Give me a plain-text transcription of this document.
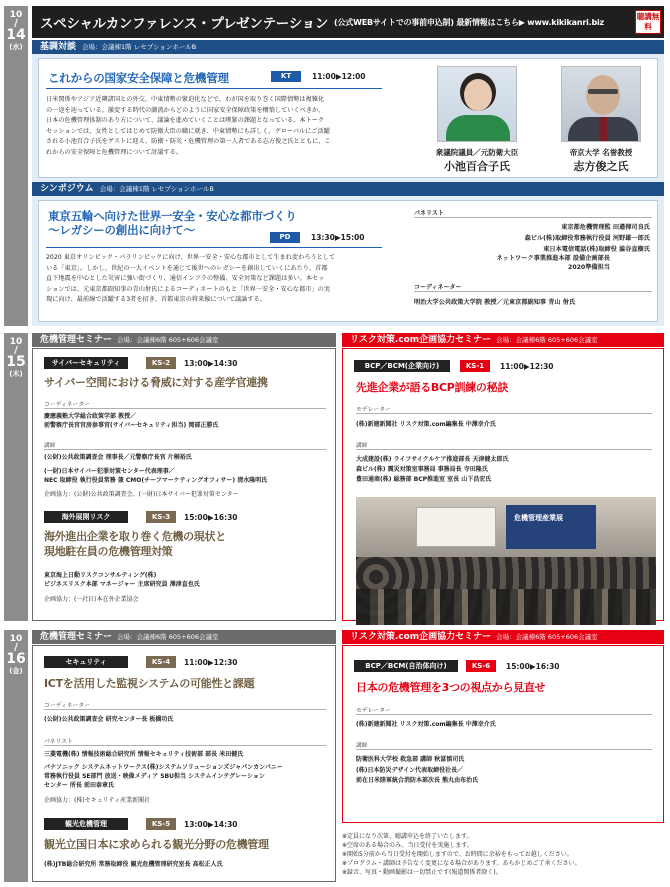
スペシャルカンファレンス・プレゼンテーション (公式WEBサイトでの事前申込制) 最新情報はこちら▶ www.kikikanri.biz
聴講無料
10
/
14
(水)
10
/
15
(木)
10
/
16
(金)
基調対談 会場：会議棟1階 レセプションホールB
これからの国家安全保障と危機管理	KT	11:00▶12:00
日米関係やアジア近隣諸国との外交、中東情勢の緊迫化などで、わが国を取り巻く国際情勢は複雑化
の一途を辿っている。激変する時代の潮流からどのように国家安全保障政策を構築していくべきか、
日本の危機管理体制のあり方について、議論を進めていくことは喫緊の課題となっている。本トーク
セッションでは、女性としてはじめて防衛大臣の職に就き、中東情勢にも詳しく、グローバルにご活躍
される小池百合子氏をゲストに迎え、防衛・防災・危機管理の第一人者である志方俊之氏とともに、こ
れからの安全保障と危機管理について討議する。	衆議院議員／元防衛大臣
小池百合子氏
帝京大学 名誉教授
志方俊之氏
シンポジウム 会場：会議棟1階 レセプションホールB
東京五輪へ向けた世界一安全・安心な都市づくり
〜レガシーの創出に向けて〜	PD	13:30▶15:00
2020 東京オリンピック・パラリンピックに向け、世界一安全・安心な都市として生まれ変わろうとして
いる「東京」。しかし、世紀の一大イベントを通じて後世へのレガシーを創出していくにあたり、首都
直下地震を中心とした災害に強い街づくり、通信インフラの整備、安全対策など課題は多い。本セッ
ションでは、元東京都副知事の青山佾氏によるコーディネートのもと「世界一安全・安心な都市」の実
現に向け、最前線で活躍する3者を招き、首都東京の将来像について議論する。
パネリスト
東京都危機管理監 田邉揮司良氏
森ビル(株)取締役常務執行役員 河野雄一郎氏
東日本電信電話(株)取締役 澁谷直樹氏
ネットワーク事業推進本部 設備企画部長
2020準備担当
コーディネーター
明治大学公共政策大学院 教授／元東京都副知事 青山 佾氏
危機管理セミナー 会場：会議棟6階 605+606会議室
サイバーセキュリティ	KS-2	13:00▶14:30
サイバー空間における脅威に対する産学官連携
コーディネーター
慶應義塾大学総合政策学部 教授／
前警察庁長官官房参事官(サイバーセキュリティ担当) 岡部正勝氏
講師
(公財)公共政策調査会 理事長／元警察庁長官 片桐裕氏
(一財)日本サイバー犯罪対策センター代表理事／
NEC 取締役 執行役員常務 兼 CMO(チーフマーケティングオフィサー) 清水隆明氏
企画協力：(公財)公共政策調査会、(一財)日本サイバー犯罪対策センター
海外展開リスク	KS-3	15:00▶16:30
海外進出企業を取り巻く危機の現状と
現地駐在員の危機管理対策
東京海上日動リスクコンサルティング(株)
ビジネスリスク本部 マネージャー 主席研究員 澤津直也氏
企画協力：(一社)日本在外企業協会
リスク対策.com企画協力セミナー 会場：会議棟6階 605+606会議室
BCP／BCM(企業向け)	KS-1	11:00▶12:30
先進企業が語るBCP訓練の秘訣
モデレーター
(株)新建新聞社 リスク対策.com編集長 中澤幸介氏
講師
大成建設(株) ライフサイクルケア推進部長 天津健太郎氏
森ビル(株) 震災対策室事務局 事務局長 寺田隆氏
豊田通商(株) 総務部 BCP推進室 室長 山下昌宏氏
危機管理産業展
危機管理セミナー 会場：会議棟6階 605+606会議室
セキュリティ	KS-4	11:00▶12:30
ICTを活用した監視システムの可能性と課題
コーディネーター
(公財)公共政策調査会 研究センター長 板橋功氏
パネリスト
三菱電機(株) 情報技術総合研究所 情報セキュリティ技術部 部長 米田健氏
パナソニック システムネットワークス(株)システムソリューションズジャパンカンパニー
常務執行役員 SE部門 放送・映像メディア SBU担当 システムインテグレーション
センター 所長 前田泰章氏
企画協力：(株)セキュリティ産業新聞社
観光危機管理	KS-5	13:00▶14:30
観光立国日本に求められる観光分野の危機管理
(株)JTB総合研究所 常務取締役 観光危機管理研究室長 高松正人氏
リスク対策.com企画協力セミナー 会場：会議棟6階 605+606会議室
BCP／BCM(自治体向け)	KS-6	15:00▶16:30
日本の危機管理を3つの視点から見直せ
モデレーター
(株)新建新聞社 リスク対策.com編集長 中澤幸介氏
講師
防衛医科大学校 救急部 講師 秋冨慎司氏
(株)日本防災デザイン代表取締役社長／
前在日米陸軍統合消防本部次長 熊丸由布治氏
※定員になり次第、聴講申込を終了いたします。
※空席のある場合のみ、当日受付を実施します。
※開始5分前から当日受付を開始しますので、お時間に余裕をもってお越しください。
※プログラム・講師は予告なく変更になる場合があります。あらかじめご了承ください。
※録音、写真・動画撮影は一切禁止です(報道関係者除く)。
